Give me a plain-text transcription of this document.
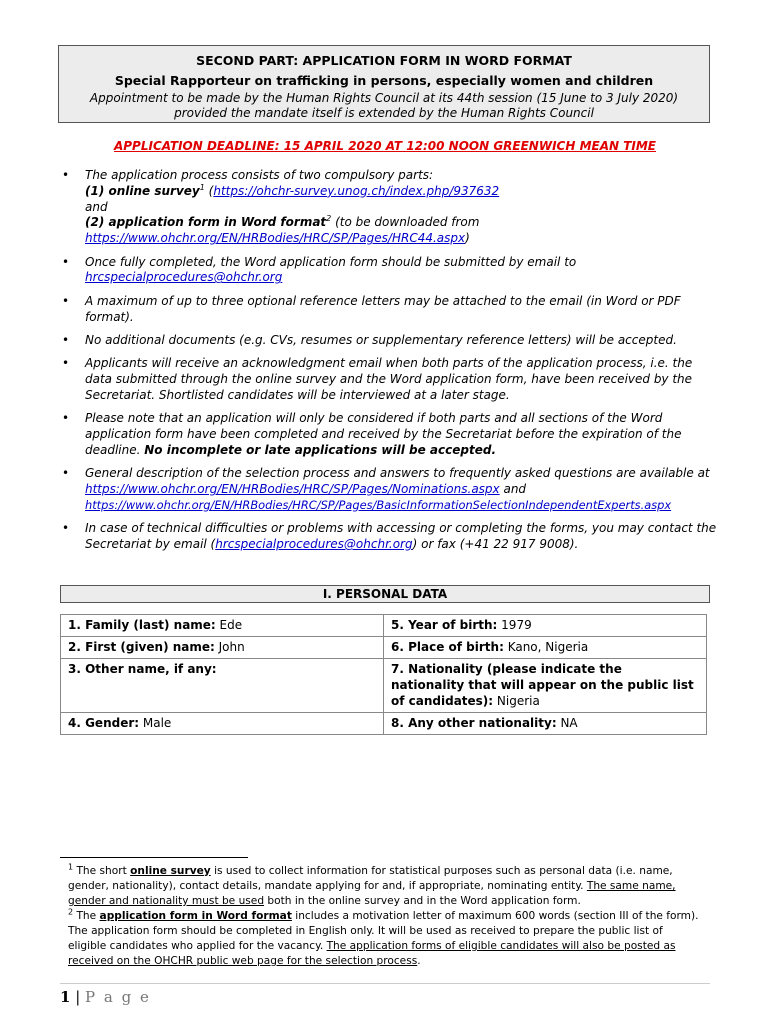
SECOND PART: APPLICATION FORM IN WORD FORMAT
Special Rapporteur on trafficking in persons, especially women and children
Appointment to be made by the Human Rights Council at its 44th session (15 June to 3 July 2020)
provided the mandate itself is extended by the Human Rights Council
APPLICATION DEADLINE: 15 APRIL 2020 AT 12:00 NOON GREENWICH MEAN TIME
• The application process consists of two compulsory parts:
(1) online survey$^1$ (https://ohchr-survey.unog.ch/index.php/937632
and
(2) application form in Word format$^2$ (to be downloaded from
https://www.ohchr.org/EN/HRBodies/HRC/SP/Pages/HRC44.aspx)
• Once fully completed, the Word application form should be submitted by email to
hrcspecialprocedures@ohchr.org
• A maximum of up to three optional reference letters may be attached to the email (in Word or PDF format).
• No additional documents (e.g. CVs, resumes or supplementary reference letters) will be accepted.
• Applicants will receive an acknowledgment email when both parts of the application process, i.e. the data submitted through the online survey and the Word application form, have been received by the Secretariat. Shortlisted candidates will be interviewed at a later stage.
• Please note that an application will only be considered if both parts and all sections of the Word application form have been completed and received by the Secretariat before the expiration of the deadline. No incomplete or late applications will be accepted.
• General description of the selection process and answers to frequently asked questions are available at https://www.ohchr.org/EN/HRBodies/HRC/SP/Pages/Nominations.aspx and
https://www.ohchr.org/EN/HRBodies/HRC/SP/Pages/BasicInformationSelectionIndependentExperts.aspx
• In case of technical difficulties or problems with accessing or completing the forms, you may contact the Secretariat by email (hrcspecialprocedures@ohchr.org) or fax (+41 22 917 9008).
I. PERSONAL DATA
1. Family (last) name: Ede	5. Year of birth: 1979
2. First (given) name: John	6. Place of birth: Kano, Nigeria
3. Other name, if any:	7. Nationality (please indicate the nationality that will appear on the public list of candidates): Nigeria
4. Gender: Male	8. Any other nationality: NA
$^1$ The short online survey is used to collect information for statistical purposes such as personal data (i.e. name, gender, nationality), contact details, mandate applying for and, if appropriate, nominating entity. The same name, gender and nationality must be used both in the online survey and in the Word application form.
$^2$ The application form in Word format includes a motivation letter of maximum 600 words (section III of the form). The application form should be completed in English only. It will be used as received to prepare the public list of eligible candidates who applied for the vacancy. The application forms of eligible candidates will also be posted as received on the OHCHR public web page for the selection process.
1 | P a g e
